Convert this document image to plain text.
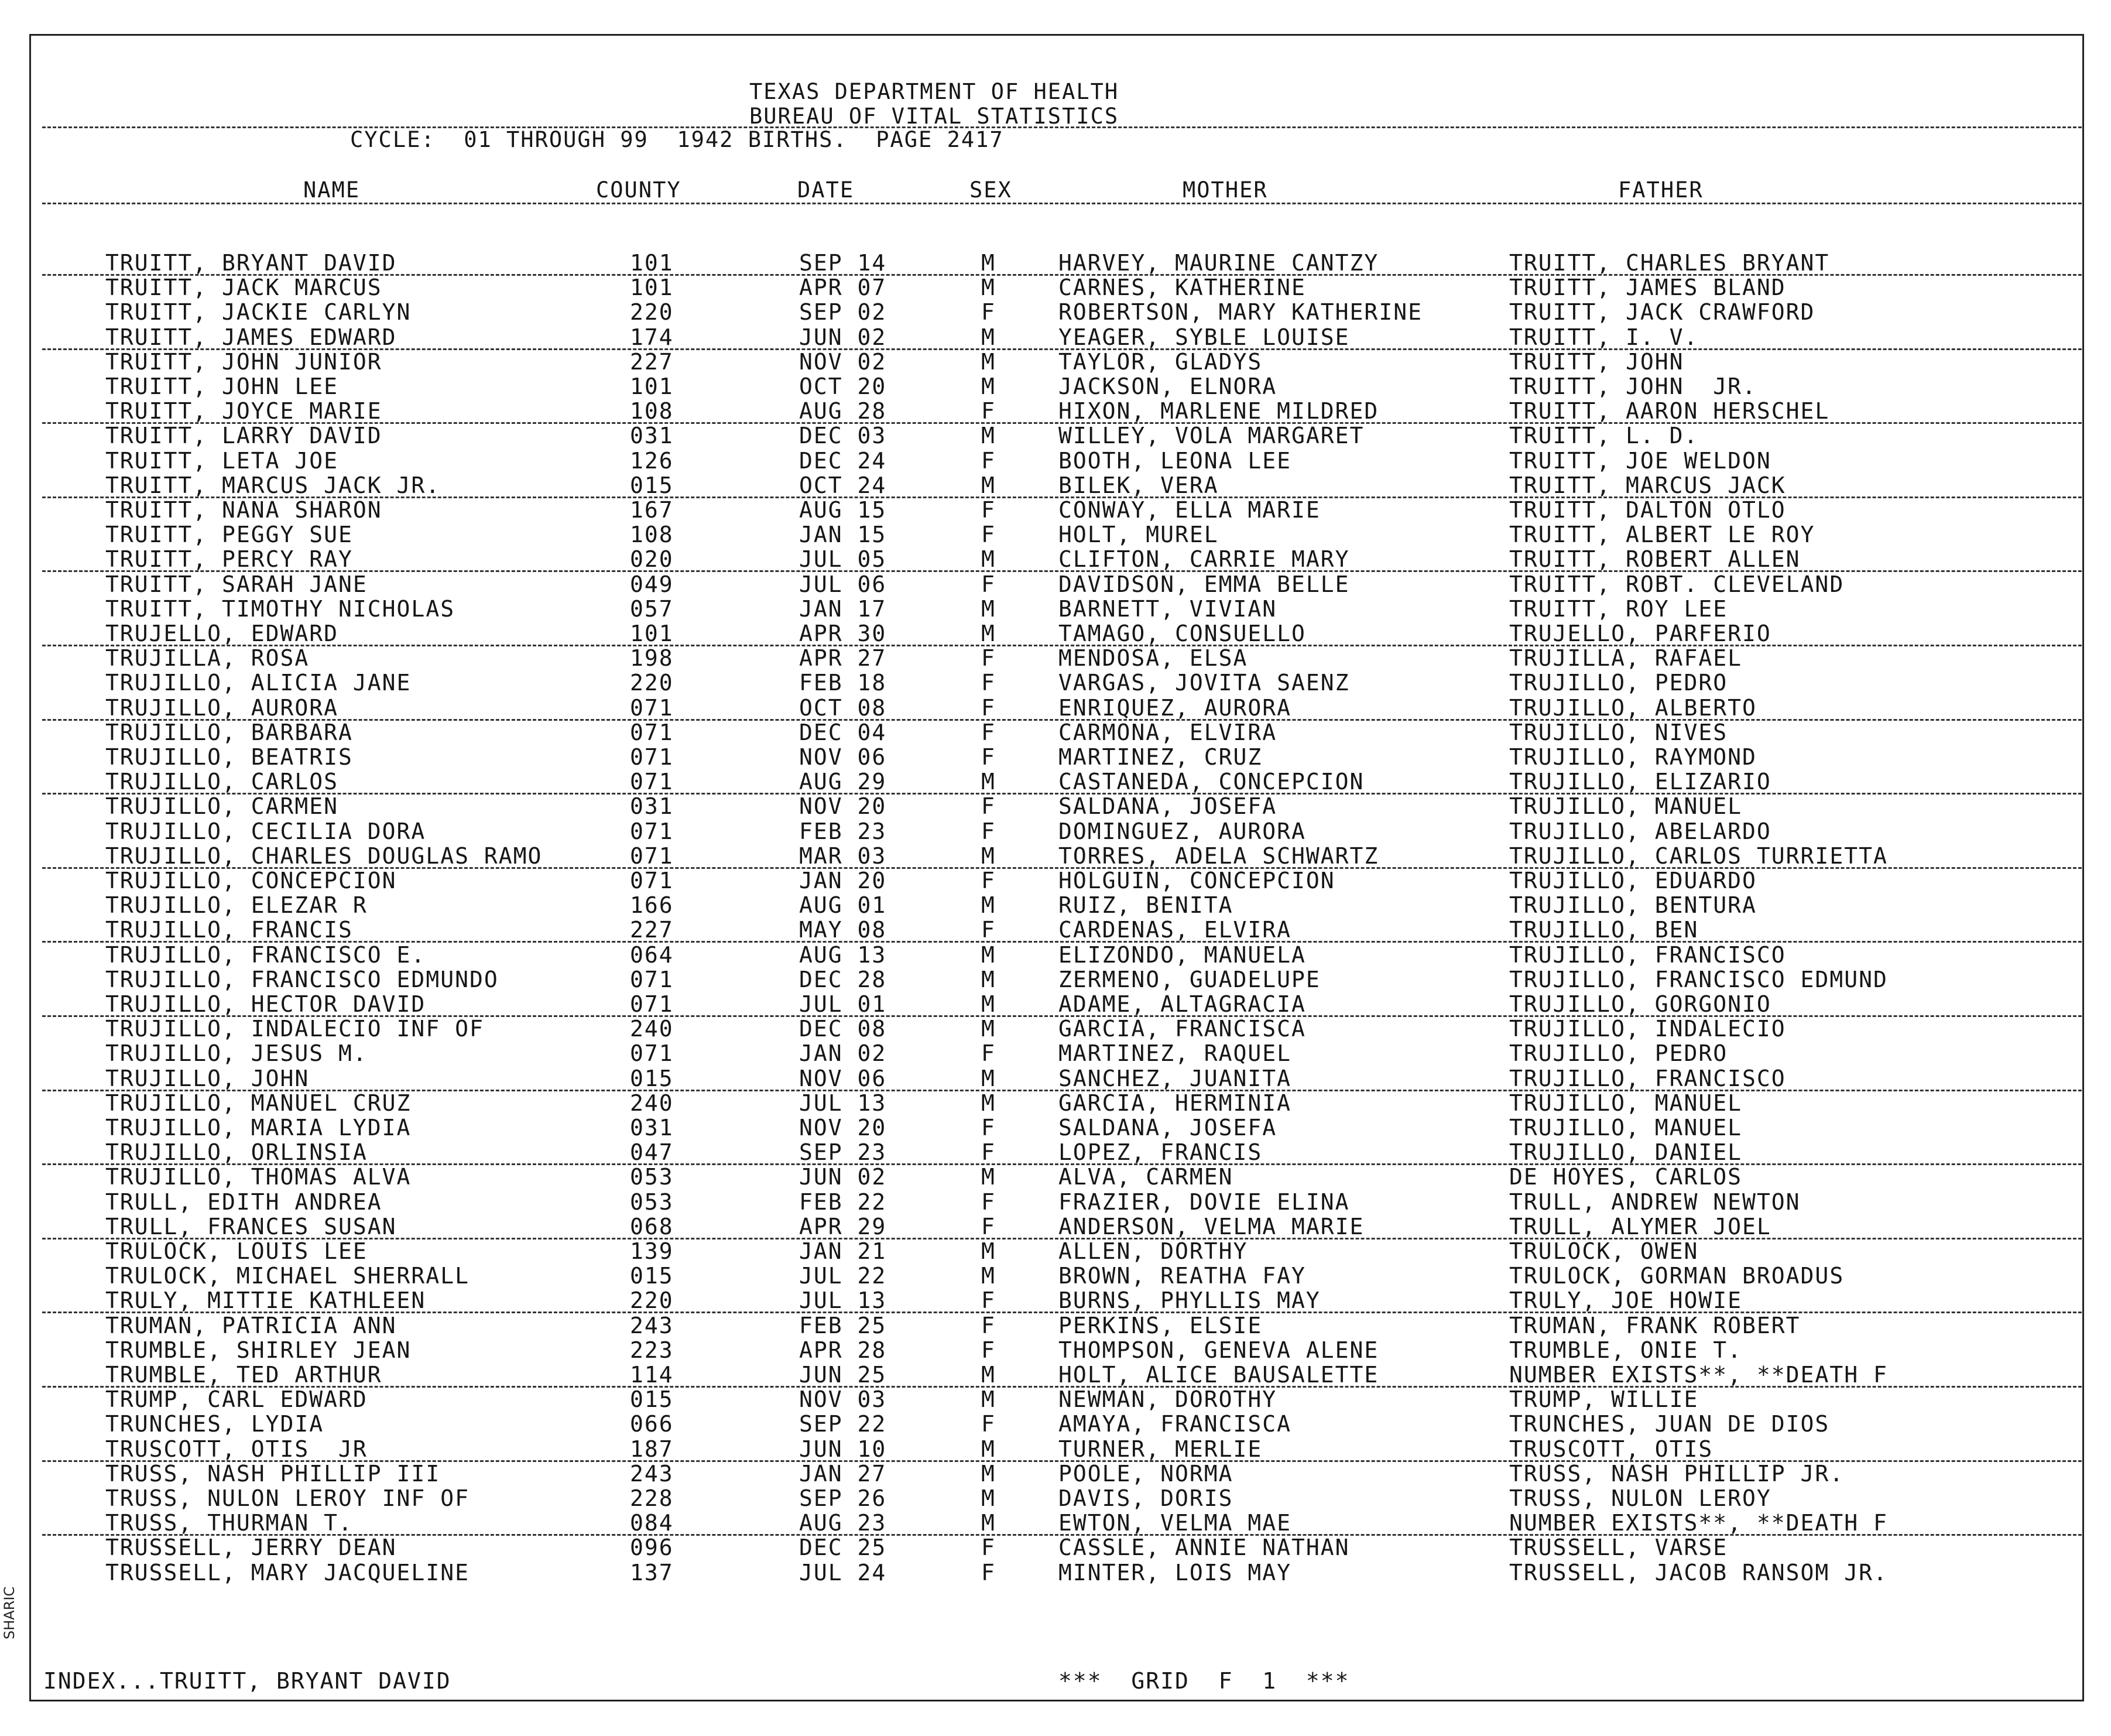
TEXAS DEPARTMENT OF HEALTH
BUREAU OF VITAL STATISTICS
CYCLE:  01 THROUGH 99  1942 BIRTHS.  PAGE 2417
NAME	COUNTY	DATE	SEX	MOTHER	FATHER
TRUITT, BRYANT DAVID	101	SEP 14	M	HARVEY, MAURINE CANTZY	TRUITT, CHARLES BRYANT
TRUITT, JACK MARCUS	101	APR 07	M	CARNES, KATHERINE	TRUITT, JAMES BLAND
TRUITT, JACKIE CARLYN	220	SEP 02	F	ROBERTSON, MARY KATHERINE	TRUITT, JACK CRAWFORD
TRUITT, JAMES EDWARD	174	JUN 02	M	YEAGER, SYBLE LOUISE	TRUITT, I. V.
TRUITT, JOHN JUNIOR	227	NOV 02	M	TAYLOR, GLADYS	TRUITT, JOHN
TRUITT, JOHN LEE	101	OCT 20	M	JACKSON, ELNORA	TRUITT, JOHN  JR.
TRUITT, JOYCE MARIE	108	AUG 28	F	HIXON, MARLENE MILDRED	TRUITT, AARON HERSCHEL
TRUITT, LARRY DAVID	031	DEC 03	M	WILLEY, VOLA MARGARET	TRUITT, L. D.
TRUITT, LETA JOE	126	DEC 24	F	BOOTH, LEONA LEE	TRUITT, JOE WELDON
TRUITT, MARCUS JACK JR.	015	OCT 24	M	BILEK, VERA	TRUITT, MARCUS JACK
TRUITT, NANA SHARON	167	AUG 15	F	CONWAY, ELLA MARIE	TRUITT, DALTON OTLO
TRUITT, PEGGY SUE	108	JAN 15	F	HOLT, MUREL	TRUITT, ALBERT LE ROY
TRUITT, PERCY RAY	020	JUL 05	M	CLIFTON, CARRIE MARY	TRUITT, ROBERT ALLEN
TRUITT, SARAH JANE	049	JUL 06	F	DAVIDSON, EMMA BELLE	TRUITT, ROBT. CLEVELAND
TRUITT, TIMOTHY NICHOLAS	057	JAN 17	M	BARNETT, VIVIAN	TRUITT, ROY LEE
TRUJELLO, EDWARD	101	APR 30	M	TAMAGO, CONSUELLO	TRUJELLO, PARFERIO
TRUJILLA, ROSA	198	APR 27	F	MENDOSA, ELSA	TRUJILLA, RAFAEL
TRUJILLO, ALICIA JANE	220	FEB 18	F	VARGAS, JOVITA SAENZ	TRUJILLO, PEDRO
TRUJILLO, AURORA	071	OCT 08	F	ENRIQUEZ, AURORA	TRUJILLO, ALBERTO
TRUJILLO, BARBARA	071	DEC 04	F	CARMONA, ELVIRA	TRUJILLO, NIVES
TRUJILLO, BEATRIS	071	NOV 06	F	MARTINEZ, CRUZ	TRUJILLO, RAYMOND
TRUJILLO, CARLOS	071	AUG 29	M	CASTANEDA, CONCEPCION	TRUJILLO, ELIZARIO
TRUJILLO, CARMEN	031	NOV 20	F	SALDANA, JOSEFA	TRUJILLO, MANUEL
TRUJILLO, CECILIA DORA	071	FEB 23	F	DOMINGUEZ, AURORA	TRUJILLO, ABELARDO
TRUJILLO, CHARLES DOUGLAS RAMO	071	MAR 03	M	TORRES, ADELA SCHWARTZ	TRUJILLO, CARLOS TURRIETTA
TRUJILLO, CONCEPCION	071	JAN 20	F	HOLGUIN, CONCEPCION	TRUJILLO, EDUARDO
TRUJILLO, ELEZAR R	166	AUG 01	M	RUIZ, BENITA	TRUJILLO, BENTURA
TRUJILLO, FRANCIS	227	MAY 08	F	CARDENAS, ELVIRA	TRUJILLO, BEN
TRUJILLO, FRANCISCO E.	064	AUG 13	M	ELIZONDO, MANUELA	TRUJILLO, FRANCISCO
TRUJILLO, FRANCISCO EDMUNDO	071	DEC 28	M	ZERMENO, GUADELUPE	TRUJILLO, FRANCISCO EDMUND
TRUJILLO, HECTOR DAVID	071	JUL 01	M	ADAME, ALTAGRACIA	TRUJILLO, GORGONIO
TRUJILLO, INDALECIO INF OF	240	DEC 08	M	GARCIA, FRANCISCA	TRUJILLO, INDALECIO
TRUJILLO, JESUS M.	071	JAN 02	F	MARTINEZ, RAQUEL	TRUJILLO, PEDRO
TRUJILLO, JOHN	015	NOV 06	M	SANCHEZ, JUANITA	TRUJILLO, FRANCISCO
TRUJILLO, MANUEL CRUZ	240	JUL 13	M	GARCIA, HERMINIA	TRUJILLO, MANUEL
TRUJILLO, MARIA LYDIA	031	NOV 20	F	SALDANA, JOSEFA	TRUJILLO, MANUEL
TRUJILLO, ORLINSIA	047	SEP 23	F	LOPEZ, FRANCIS	TRUJILLO, DANIEL
TRUJILLO, THOMAS ALVA	053	JUN 02	M	ALVA, CARMEN	DE HOYES, CARLOS
TRULL, EDITH ANDREA	053	FEB 22	F	FRAZIER, DOVIE ELINA	TRULL, ANDREW NEWTON
TRULL, FRANCES SUSAN	068	APR 29	F	ANDERSON, VELMA MARIE	TRULL, ALYMER JOEL
TRULOCK, LOUIS LEE	139	JAN 21	M	ALLEN, DORTHY	TRULOCK, OWEN
TRULOCK, MICHAEL SHERRALL	015	JUL 22	M	BROWN, REATHA FAY	TRULOCK, GORMAN BROADUS
TRULY, MITTIE KATHLEEN	220	JUL 13	F	BURNS, PHYLLIS MAY	TRULY, JOE HOWIE
TRUMAN, PATRICIA ANN	243	FEB 25	F	PERKINS, ELSIE	TRUMAN, FRANK ROBERT
TRUMBLE, SHIRLEY JEAN	223	APR 28	F	THOMPSON, GENEVA ALENE	TRUMBLE, ONIE T.
TRUMBLE, TED ARTHUR	114	JUN 25	M	HOLT, ALICE BAUSALETTE	NUMBER EXISTS**, **DEATH F
TRUMP, CARL EDWARD	015	NOV 03	M	NEWMAN, DOROTHY	TRUMP, WILLIE
TRUNCHES, LYDIA	066	SEP 22	F	AMAYA, FRANCISCA	TRUNCHES, JUAN DE DIOS
TRUSCOTT, OTIS  JR	187	JUN 10	M	TURNER, MERLIE	TRUSCOTT, OTIS
TRUSS, NASH PHILLIP III	243	JAN 27	M	POOLE, NORMA	TRUSS, NASH PHILLIP JR.
TRUSS, NULON LEROY INF OF	228	SEP 26	M	DAVIS, DORIS	TRUSS, NULON LEROY
TRUSS, THURMAN T.	084	AUG 23	M	EWTON, VELMA MAE	NUMBER EXISTS**, **DEATH F
TRUSSELL, JERRY DEAN	096	DEC 25	F	CASSLE, ANNIE NATHAN	TRUSSELL, VARSE
TRUSSELL, MARY JACQUELINE	137	JUL 24	F	MINTER, LOIS MAY	TRUSSELL, JACOB RANSOM JR.
INDEX...TRUITT, BRYANT DAVID	***  GRID  F  1  ***
SHARIC
